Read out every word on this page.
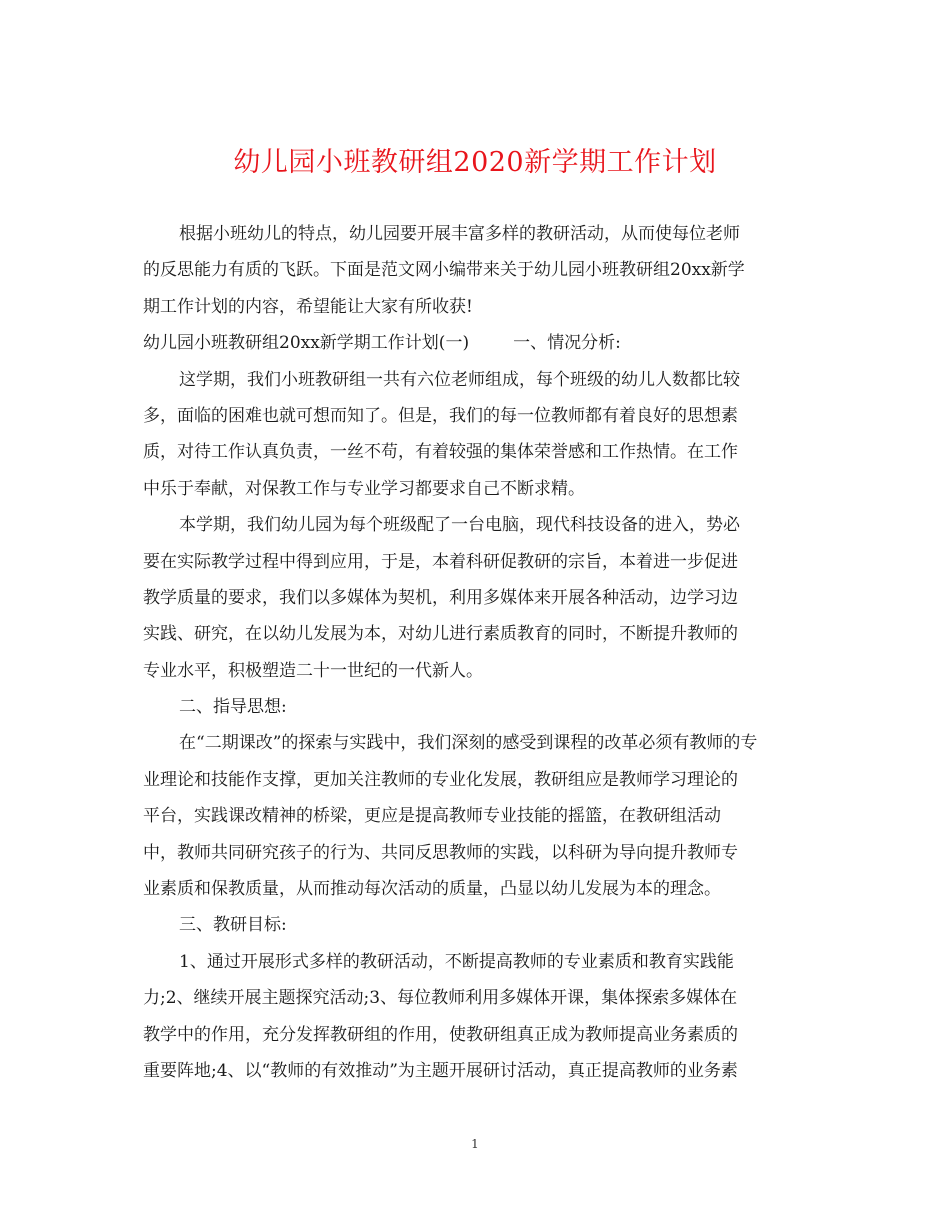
幼儿园小班教研组2020新学期工作计划
根据小班幼儿的特点，幼儿园要开展丰富多样的教研活动，从而使每位老师
的反思能力有质的飞跃。下面是范文网小编带来关于幼儿园小班教研组20xx新学
期工作计划的内容，希望能让大家有所收获!
幼儿园小班教研组20xx新学期工作计划(一)	一、情况分析:
这学期，我们小班教研组一共有六位老师组成，每个班级的幼儿人数都比较
多，面临的困难也就可想而知了。但是，我们的每一位教师都有着良好的思想素
质，对待工作认真负责，一丝不苟，有着较强的集体荣誉感和工作热情。在工作
中乐于奉献，对保教工作与专业学习都要求自己不断求精。
本学期，我们幼儿园为每个班级配了一台电脑，现代科技设备的进入，势必
要在实际教学过程中得到应用，于是，本着科研促教研的宗旨，本着进一步促进
教学质量的要求，我们以多媒体为契机，利用多媒体来开展各种活动，边学习边
实践、研究，在以幼儿发展为本，对幼儿进行素质教育的同时，不断提升教师的
专业水平，积极塑造二十一世纪的一代新人。
二、指导思想:
在“二期课改”的探索与实践中，我们深刻的感受到课程的改革必须有教师的专
业理论和技能作支撑，更加关注教师的专业化发展，教研组应是教师学习理论的
平台，实践课改精神的桥梁，更应是提高教师专业技能的摇篮，在教研组活动
中，教师共同研究孩子的行为、共同反思教师的实践，以科研为导向提升教师专
业素质和保教质量，从而推动每次活动的质量，凸显以幼儿发展为本的理念。
三、教研目标:
1、通过开展形式多样的教研活动，不断提高教师的专业素质和教育实践能
力;2、继续开展主题探究活动;3、每位教师利用多媒体开课，集体探索多媒体在
教学中的作用，充分发挥教研组的作用，使教研组真正成为教师提高业务素质的
重要阵地;4、以“教师的有效推动”为主题开展研讨活动，真正提高教师的业务素
1
